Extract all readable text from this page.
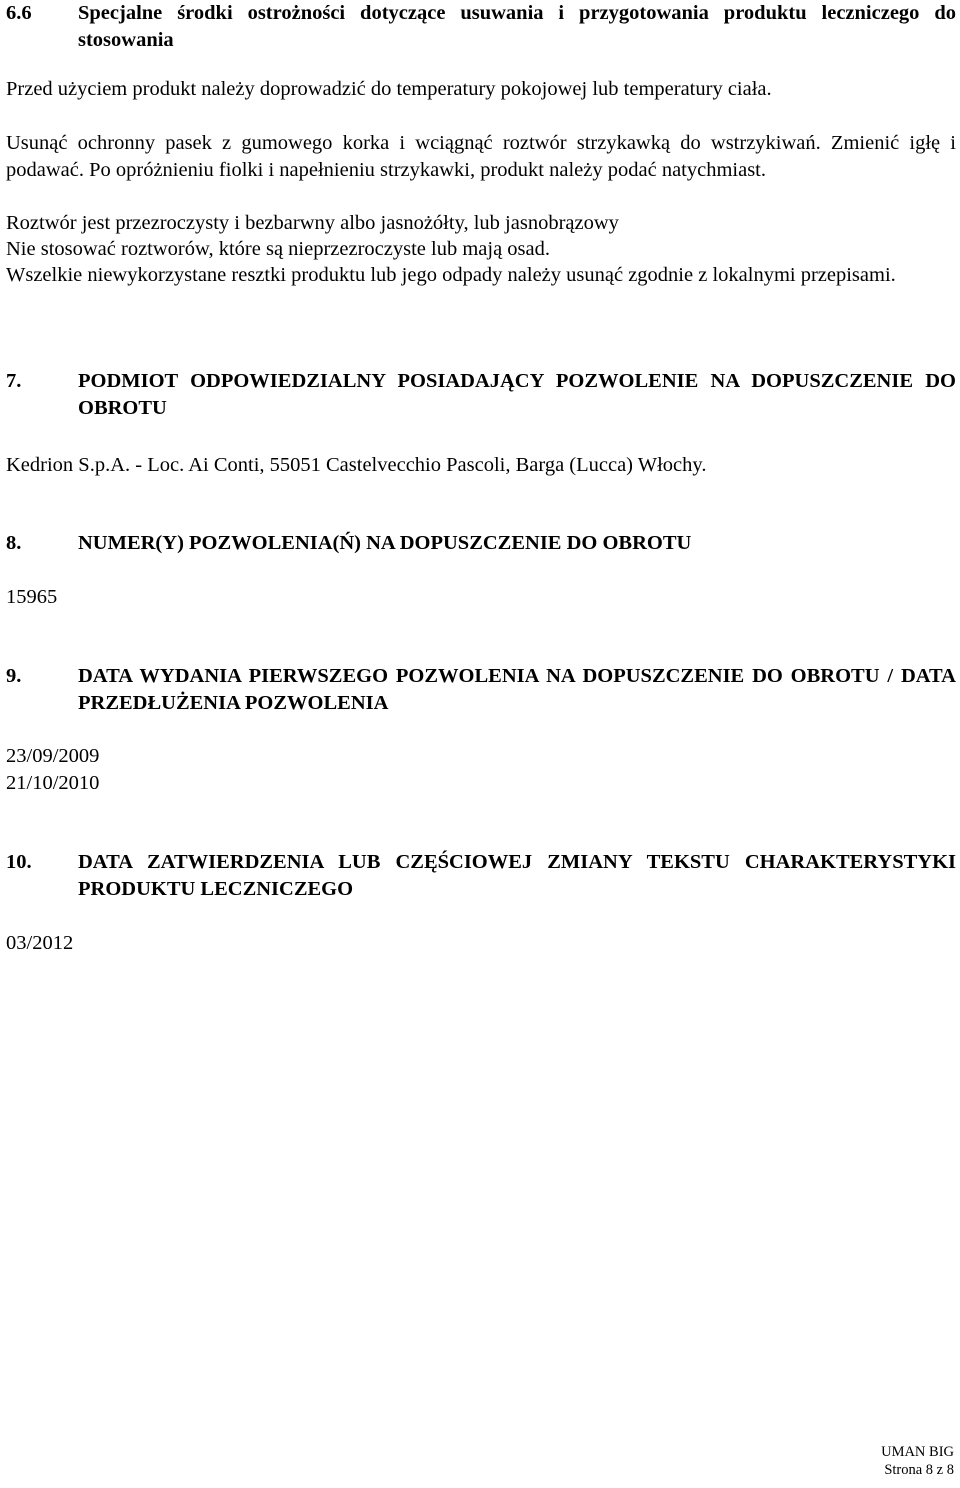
6.6 Specjalne środki ostrożności dotyczące usuwania i przygotowania produktu leczniczego do stosowania
Przed użyciem produkt należy doprowadzić do temperatury pokojowej lub temperatury ciała.
Usunąć ochronny pasek z gumowego korka i wciągnąć roztwór strzykawką do wstrzykiwań. Zmienić igłę i podawać. Po opróżnieniu fiolki i napełnieniu strzykawki, produkt należy podać natychmiast.
Roztwór jest przezroczysty i bezbarwny albo jasnożółty, lub jasnobrązowy
Nie stosować roztworów, które są nieprzezroczyste lub mają osad.
Wszelkie niewykorzystane resztki produktu lub jego odpady należy usunąć zgodnie z lokalnymi przepisami.
7.	PODMIOT ODPOWIEDZIALNY POSIADAJĄCY POZWOLENIE NA DOPUSZCZENIE DO OBROTU
Kedrion S.p.A. - Loc. Ai Conti, 55051 Castelvecchio Pascoli, Barga (Lucca) Włochy.
8.	NUMER(Y) POZWOLENIA(Ń) NA DOPUSZCZENIE DO OBROTU
15965
9.	DATA WYDANIA PIERWSZEGO POZWOLENIA NA DOPUSZCZENIE DO OBROTU / DATA PRZEDŁUŻENIA POZWOLENIA
23/09/2009
21/10/2010
10. DATA ZATWIERDZENIA LUB CZĘŚCIOWEJ ZMIANY TEKSTU CHARAKTERYSTYKI PRODUKTU LECZNICZEGO
03/2012
UMAN BIG
Strona 8 z 8
